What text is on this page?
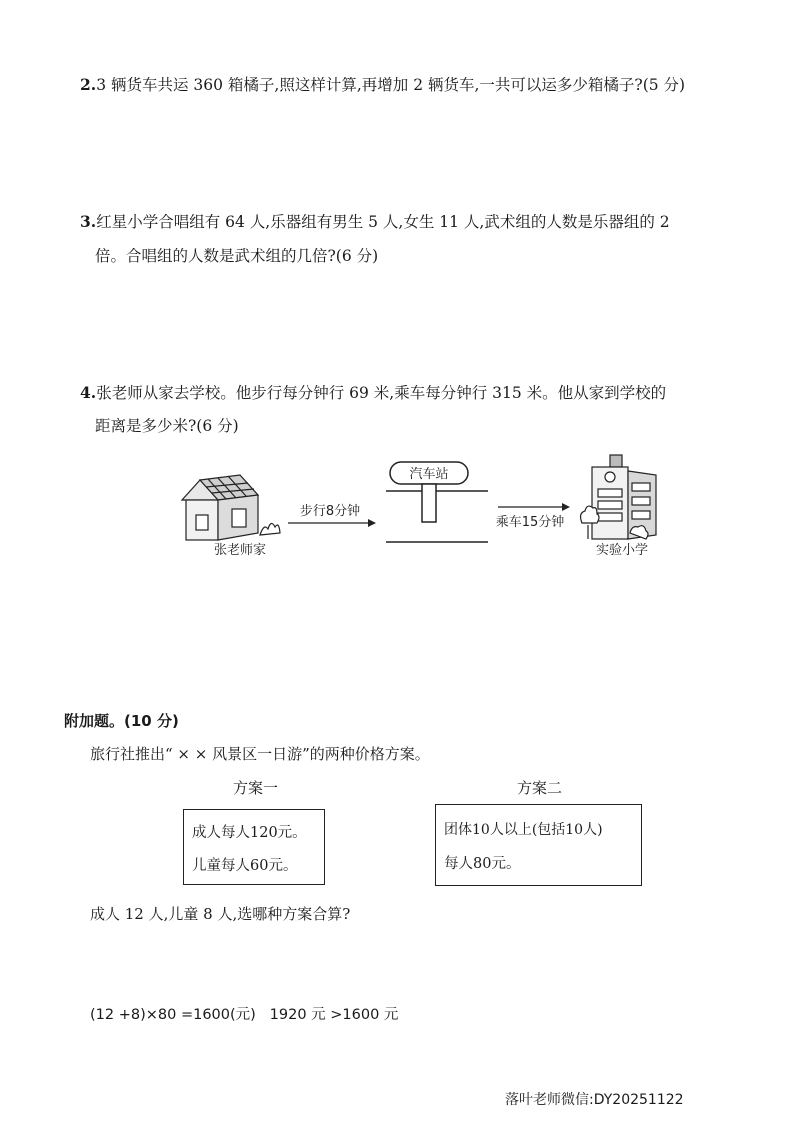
2.3 辆货车共运 360 箱橘子,照这样计算,再增加 2 辆货车,一共可以运多少箱橘子?(5 分)
3.红星小学合唱组有 64 人,乐器组有男生 5 人,女生 11 人,武术组的人数是乐器组的 2
倍。合唱组的人数是武术组的几倍?(6 分)
4.张老师从家去学校。他步行每分钟行 69 米,乘车每分钟行 315 米。他从家到学校的
距离是多少米?(6 分)
张老师家
步行8分钟
汽车站
乘车15分钟
实验小学
附加题。(10 分)
旅行社推出“ × × 风景区一日游”的两种价格方案。
方案一	方案二
成人每人120元。
儿童每人60元。
团体10人以上(包括10人)
每人80元。
成人 12 人,儿童 8 人,选哪种方案合算?
(12 +8)×80 =1600(元)   1920 元 >1600 元
落叶老师微信:DY20251122
